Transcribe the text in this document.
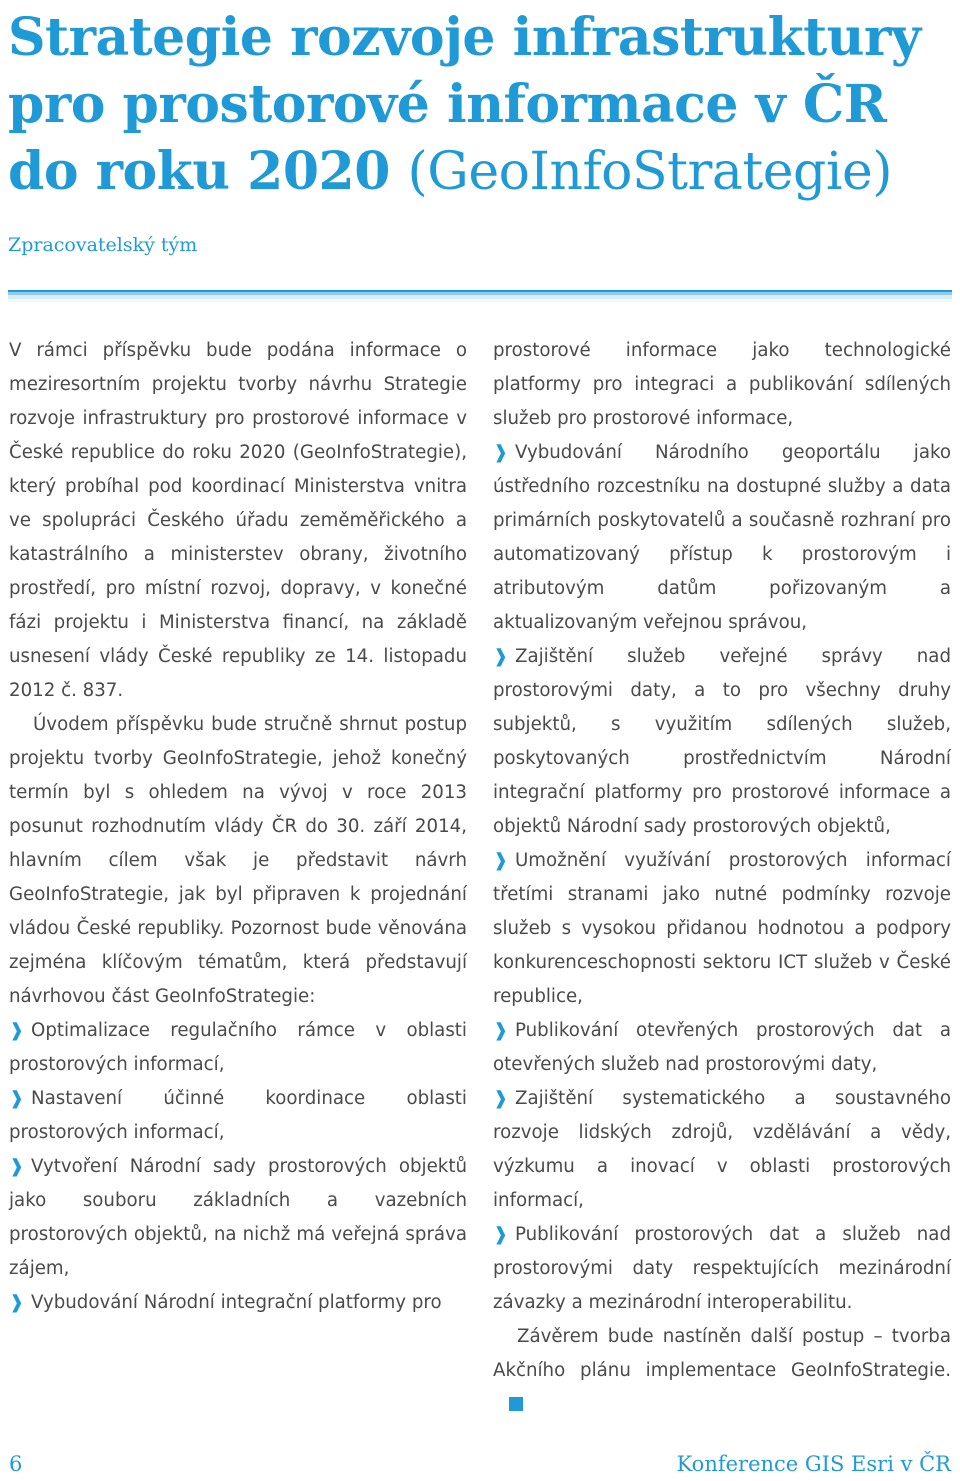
Strategie rozvoje infrastruktury
pro prostorové informace v ČR
do roku 2020 (GeoInfoStrategie)
Zpracovatelský tým

V rámci příspěvku bude podána informace o meziresortním projektu tvorby návrhu Strategie rozvoje infrastruktury pro prostorové informace v České republice do roku 2020 (GeoInfoStrategie), který probíhal pod koordinací Ministerstva vnitra ve spolupráci Českého úřadu zeměměřického a katastrálního a ministerstev obrany, životního prostředí, pro místní rozvoj, dopravy, v konečné fázi projektu i Ministerstva financí, na základě usnesení vlády České republiky ze 14. listopadu 2012 č. 837.

Úvodem příspěvku bude stručně shrnut postup projektu tvorby GeoInfoStrategie, jehož konečný termín byl s ohledem na vývoj v roce 2013 posunut rozhodnutím vlády ČR do 30. září 2014, hlavním cílem však je představit návrh GeoInfoStrategie, jak byl připraven k projednání vládou České republiky. Pozornost bude věnována zejména klíčovým tématům, která představují návrhovou část GeoInfoStrategie:

❱ Optimalizace regulačního rámce v oblasti prostorových informací,

❱ Nastavení účinné koordinace oblasti prostorových informací,

❱ Vytvoření Národní sady prostorových objektů jako souboru základních a vazebních prostorových objektů, na nichž má veřejná správa zájem,

❱ Vybudování Národní integrační platformy pro

prostorové informace jako technologické platformy pro integraci a publikování sdílených služeb pro prostorové informace,

❱ Vybudování Národního geoportálu jako ústředního rozcestníku na dostupné služby a data primárních poskytovatelů a současně rozhraní pro automatizovaný přístup k prostorovým i atributovým datům pořizovaným a aktualizovaným veřejnou správou,

❱ Zajištění služeb veřejné správy nad prostorovými daty, a to pro všechny druhy subjektů, s využitím sdílených služeb, poskytovaných prostřednictvím Národní integrační platformy pro prostorové informace a objektů Národní sady prostorových objektů,

❱ Umožnění využívání prostorových informací třetími stranami jako nutné podmínky rozvoje služeb s vysokou přidanou hodnotou a podpory konkurenceschopnosti sektoru ICT služeb v České republice,

❱ Publikování otevřených prostorových dat a otevřených služeb nad prostorovými daty,

❱ Zajištění systematického a soustavného rozvoje lidských zdrojů, vzdělávání a vědy, výzkumu a inovací v oblasti prostorových informací,

❱ Publikování prostorových dat a služeb nad prostorovými daty respektujících mezinárodní závazky a mezinárodní interoperabilitu.

Závěrem bude nastíněn další postup – tvorba Akčního plánu implementace GeoInfoStrategie.

6	Konference GIS Esri v ČR
